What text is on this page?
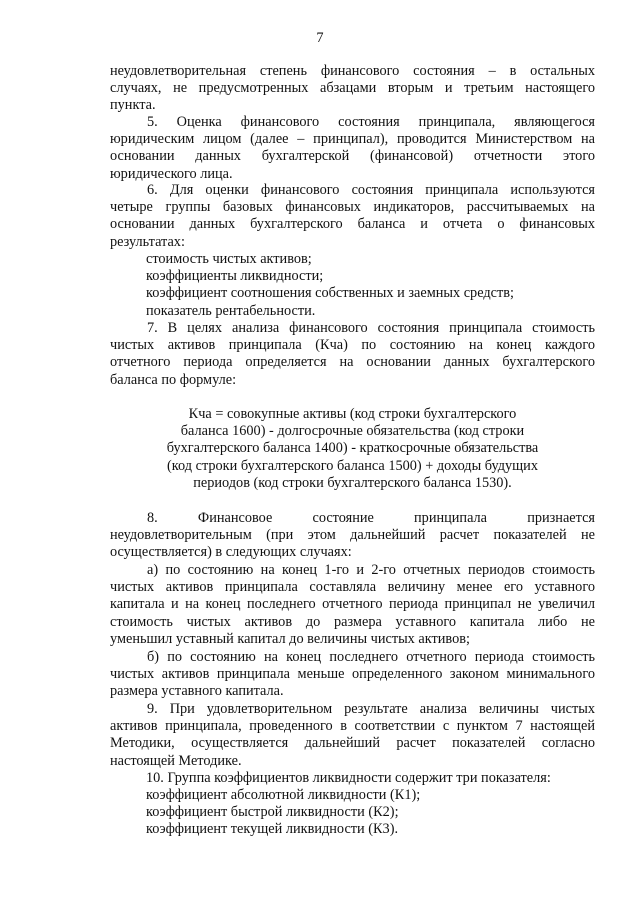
7
неудовлетворительная степень финансового состояния – в остальных
случаях, не предусмотренных абзацами вторым и третьим настоящего
пункта.
5. Оценка финансового состояния принципала, являющегося
юридическим лицом (далее – принципал), проводится Министерством на
основании данных бухгалтерской (финансовой) отчетности этого
юридического лица.
6. Для оценки финансового состояния принципала используются
четыре группы базовых финансовых индикаторов, рассчитываемых на
основании данных бухгалтерского баланса и отчета о финансовых
результатах:
стоимость чистых активов;
коэффициенты ликвидности;
коэффициент соотношения собственных и заемных средств;
показатель рентабельности.
7. В целях анализа финансового состояния принципала стоимость
чистых активов принципала (Кча) по состоянию на конец каждого
отчетного периода определяется на основании данных бухгалтерского
баланса по формуле:
Кча = совокупные активы (код строки бухгалтерского
баланса 1600) - долгосрочные обязательства (код строки
бухгалтерского баланса 1400) - краткосрочные обязательства
(код строки бухгалтерского баланса 1500) + доходы будущих
периодов (код строки бухгалтерского баланса 1530).
8. Финансовое состояние принципала признается
неудовлетворительным (при этом дальнейший расчет показателей не
осуществляется) в следующих случаях:
а) по состоянию на конец 1-го и 2-го отчетных периодов стоимость
чистых активов принципала составляла величину менее его уставного
капитала и на конец последнего отчетного периода принципал не увеличил
стоимость чистых активов до размера уставного капитала либо не
уменьшил уставный капитал до величины чистых активов;
б) по состоянию на конец последнего отчетного периода стоимость
чистых активов принципала меньше определенного законом минимального
размера уставного капитала.
9. При удовлетворительном результате анализа величины чистых
активов принципала, проведенного в соответствии с пунктом 7 настоящей
Методики, осуществляется дальнейший расчет показателей согласно
настоящей Методике.
10. Группа коэффициентов ликвидности содержит три показателя:
коэффициент абсолютной ликвидности (К1);
коэффициент быстрой ликвидности (К2);
коэффициент текущей ликвидности (К3).
